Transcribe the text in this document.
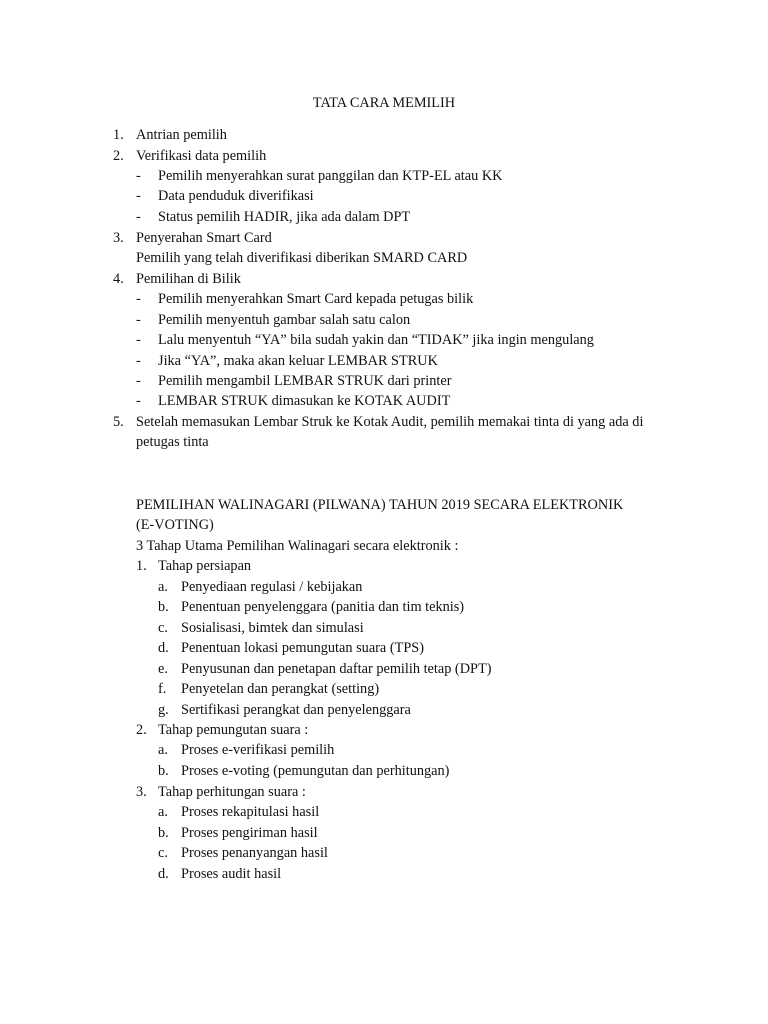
TATA CARA MEMILIH
1. Antrian pemilih
2. Verifikasi data pemilih
- Pemilih menyerahkan surat panggilan dan KTP-EL atau KK
- Data penduduk diverifikasi
- Status pemilih HADIR, jika ada dalam DPT
3. Penyerahan Smart Card
Pemilih yang telah diverifikasi diberikan SMARD CARD
4. Pemilihan di Bilik
- Pemilih menyerahkan Smart Card kepada petugas bilik
- Pemilih menyentuh gambar salah satu calon
- Lalu menyentuh “YA” bila sudah yakin dan “TIDAK” jika ingin mengulang
- Jika “YA”, maka akan keluar LEMBAR STRUK
- Pemilih mengambil LEMBAR STRUK dari printer
- LEMBAR STRUK dimasukan ke KOTAK AUDIT
5. Setelah memasukan Lembar Struk ke Kotak Audit, pemilih memakai tinta di yang ada di
petugas tinta
PEMILIHAN WALINAGARI (PILWANA) TAHUN 2019 SECARA ELEKTRONIK
(E-VOTING)
3 Tahap Utama Pemilihan Walinagari secara elektronik :
1. Tahap persiapan
a. Penyediaan regulasi / kebijakan
b. Penentuan penyelenggara (panitia dan tim teknis)
c. Sosialisasi, bimtek dan simulasi
d. Penentuan lokasi pemungutan suara (TPS)
e. Penyusunan dan penetapan daftar pemilih tetap (DPT)
f. Penyetelan dan perangkat (setting)
g. Sertifikasi perangkat dan penyelenggara
2. Tahap pemungutan suara :
a. Proses e-verifikasi pemilih
b. Proses e-voting (pemungutan dan perhitungan)
3. Tahap perhitungan suara :
a. Proses rekapitulasi hasil
b. Proses pengiriman hasil
c. Proses penanyangan hasil
d. Proses audit hasil
